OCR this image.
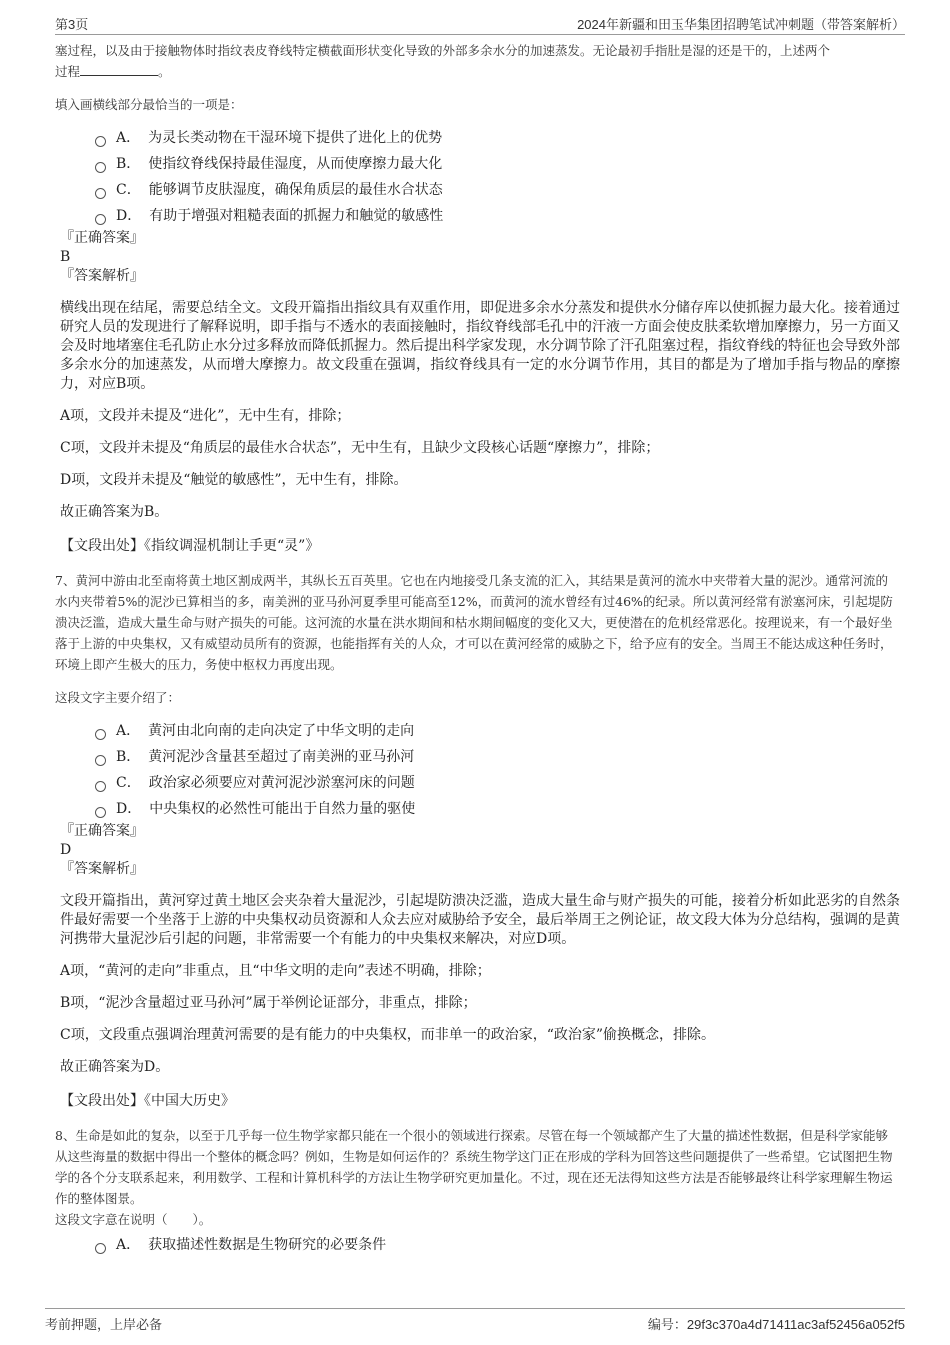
第3页	2024年新疆和田玉华集团招聘笔试冲刺题（带答案解析）

塞过程，以及由于接触物体时指纹表皮脊线特定横截面形状变化导致的外部多余水分的加速蒸发。无论最初手指肚是湿的还是干的，上述两个
过程	。

填入画横线部分最恰当的一项是：
A． 为灵长类动物在干湿环境下提供了进化上的优势
B． 使指纹脊线保持最佳湿度，从而使摩擦力最大化
C． 能够调节皮肤湿度，确保角质层的最佳水合状态
D． 有助于增强对粗糙表面的抓握力和触觉的敏感性
『正确答案』
B
『答案解析』
横线出现在结尾，需要总结全文。文段开篇指出指纹具有双重作用，即促进多余水分蒸发和提供水分储存库以使抓握力最大化。接着通过研究人员的发现进行了解释说明，即手指与不透水的表面接触时，指纹脊线部毛孔中的汗液一方面会使皮肤柔软增加摩擦力，另一方面又会及时地堵塞住毛孔防止水分过多释放而降低抓握力。然后提出科学家发现，水分调节除了汗孔阻塞过程，指纹脊线的特征也会导致外部多余水分的加速蒸发，从而增大摩擦力。故文段重在强调，指纹脊线具有一定的水分调节作用，其目的都是为了增加手指与物品的摩擦力，对应B项。
A项，文段并未提及“进化”，无中生有，排除；
C项，文段并未提及“角质层的最佳水合状态”，无中生有，且缺少文段核心话题“摩擦力”，排除；
D项，文段并未提及“触觉的敏感性”，无中生有，排除。
故正确答案为B。
【文段出处】《指纹调湿机制让手更“灵”》

7、黄河中游由北至南将黄土地区割成两半，其纵长五百英里。它也在内地接受几条支流的汇入，其结果是黄河的流水中夹带着大量的泥沙。通常河流的水内夹带着5%的泥沙已算相当的多，南美洲的亚马孙河夏季里可能高至12%，而黄河的流水曾经有过46%的纪录。所以黄河经常有淤塞河床，引起堤防溃决泛滥，造成大量生命与财产损失的可能。这河流的水量在洪水期间和枯水期间幅度的变化又大，更使潜在的危机经常恶化。按理说来，有一个最好坐落于上游的中央集权，又有威望动员所有的资源，也能指挥有关的人众，才可以在黄河经常的威胁之下，给予应有的安全。当周王不能达成这种任务时，环境上即产生极大的压力，务使中枢权力再度出现。

这段文字主要介绍了：
A． 黄河由北向南的走向决定了中华文明的走向
B． 黄河泥沙含量甚至超过了南美洲的亚马孙河
C． 政治家必须要应对黄河泥沙淤塞河床的问题
D． 中央集权的必然性可能出于自然力量的驱使
『正确答案』
D
『答案解析』
文段开篇指出，黄河穿过黄土地区会夹杂着大量泥沙，引起堤防溃决泛滥，造成大量生命与财产损失的可能，接着分析如此恶劣的自然条件最好需要一个坐落于上游的中央集权动员资源和人众去应对威胁给予安全，最后举周王之例论证，故文段大体为分总结构，强调的是黄河携带大量泥沙后引起的问题，非常需要一个有能力的中央集权来解决，对应D项。
A项，“黄河的走向”非重点，且“中华文明的走向”表述不明确，排除；
B项，“泥沙含量超过亚马孙河”属于举例论证部分，非重点，排除；
C项，文段重点强调治理黄河需要的是有能力的中央集权，而非单一的政治家，“政治家”偷换概念，排除。
故正确答案为D。
【文段出处】《中国大历史》

8、生命是如此的复杂，以至于几乎每一位生物学家都只能在一个很小的领域进行探索。尽管在每一个领域都产生了大量的描述性数据，但是科学家能够从这些海量的数据中得出一个整体的概念吗？例如，生物是如何运作的？系统生物学这门正在形成的学科为回答这些问题提供了一些希望。它试图把生物学的各个分支联系起来，利用数学、工程和计算机科学的方法让生物学研究更加量化。不过，现在还无法得知这些方法是否能够最终让科学家理解生物运作的整体图景。

这段文字意在说明（　　）。
A． 获取描述性数据是生物研究的必要条件
考前押题，上岸必备	编号：29f3c370a4d71411ac3af52456a052f5
